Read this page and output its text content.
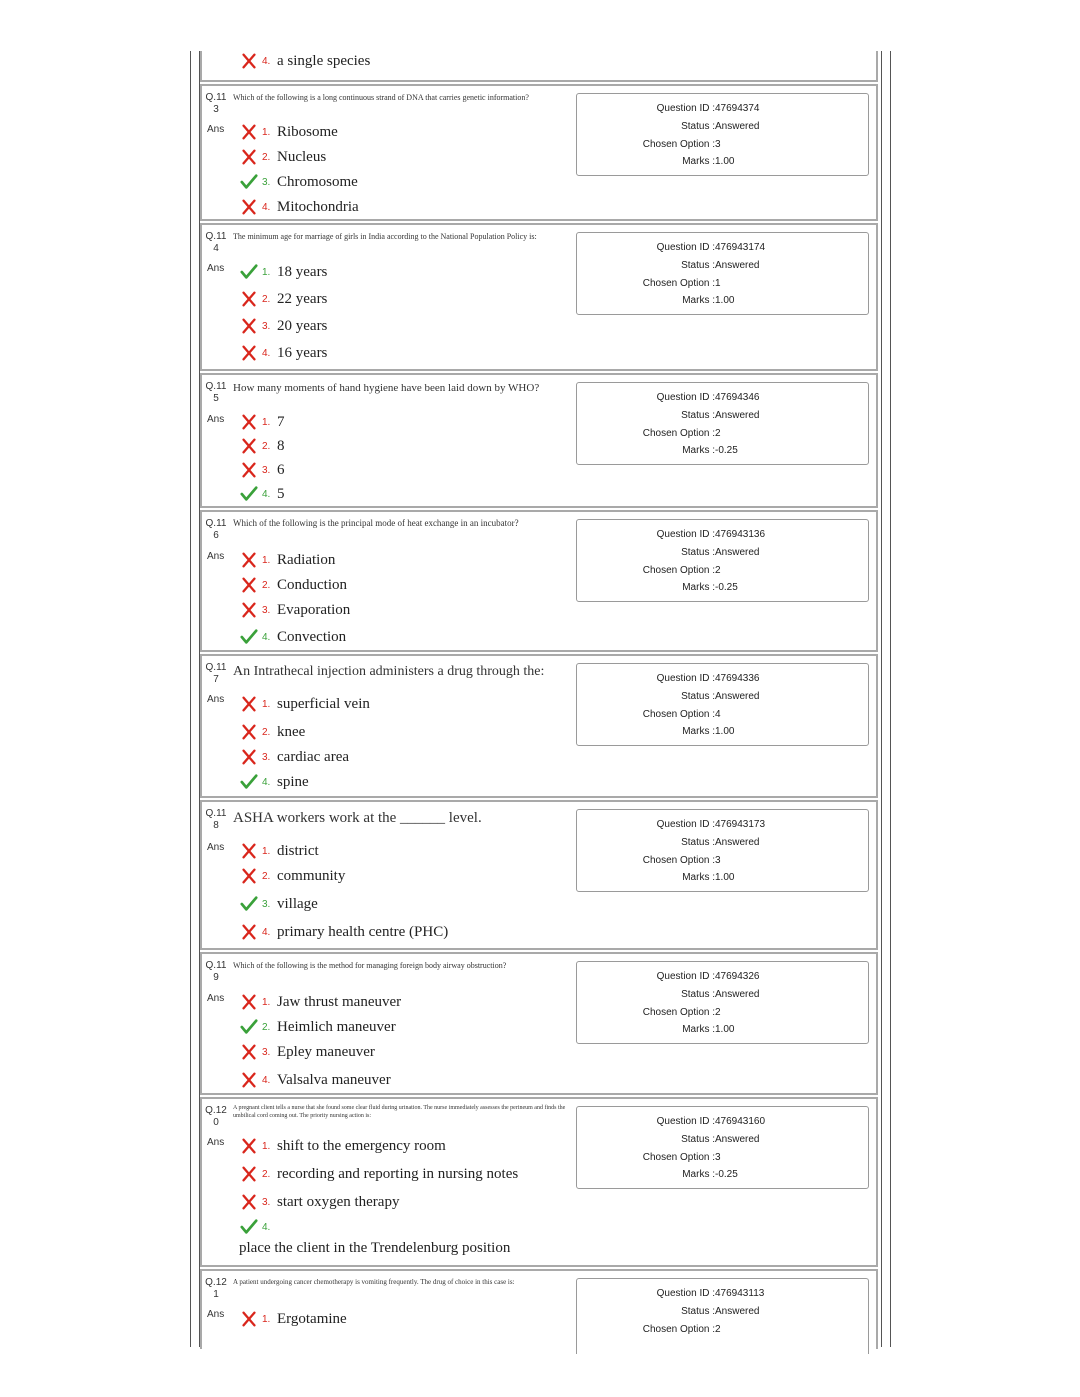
4. a single species
Q.11
3
Ans
Which of the following is a long continuous strand of DNA that carries genetic information?
1. Ribosome
2. Nucleus
3. Chromosome
4. Mitochondria
Question ID : 47694374
Status : Answered
Chosen Option : 3
Marks : 1.00
Q.11
4
Ans
The minimum age for marriage of girls in India according to the National Population Policy is:
1. 18 years
2. 22 years
3. 20 years
4. 16 years
Question ID : 476943174
Status : Answered
Chosen Option : 1
Marks : 1.00
Q.11
5
Ans
How many moments of hand hygiene have been laid down by WHO?
1. 7
2. 8
3. 6
4. 5
Question ID : 47694346
Status : Answered
Chosen Option : 2
Marks : -0.25
Q.11
6
Ans
Which of the following is the principal mode of heat exchange in an incubator?
1. Radiation
2. Conduction
3. Evaporation
4. Convection
Question ID : 476943136
Status : Answered
Chosen Option : 2
Marks : -0.25
Q.11
7
Ans
An Intrathecal injection administers a drug through the:
1. superficial vein
2. knee
3. cardiac area
4. spine
Question ID : 47694336
Status : Answered
Chosen Option : 4
Marks : 1.00
Q.11
8
Ans
ASHA workers work at the ______ level.
1. district
2. community
3. village
4. primary health centre (PHC)
Question ID : 476943173
Status : Answered
Chosen Option : 3
Marks : 1.00
Q.11
9
Ans
Which of the following is the method for managing foreign body airway obstruction?
1. Jaw thrust maneuver
2. Heimlich maneuver
3. Epley maneuver
4. Valsalva maneuver
Question ID : 47694326
Status : Answered
Chosen Option : 2
Marks : 1.00
Q.12
0
Ans
A pregnant client tells a nurse that she found some clear fluid during urination. The nurse immediately assesses the perineum and finds the umbilical cord coming out. The priority nursing action is:
1. shift to the emergency room
2. recording and reporting in nursing notes
3. start oxygen therapy
4.
place the client in the Trendelenburg position
Question ID : 476943160
Status : Answered
Chosen Option : 3
Marks : -0.25
Q.12
1
Ans
A patient undergoing cancer chemotherapy is vomiting frequently. The drug of choice in this case is:
1. Ergotamine
Question ID : 476943113
Status : Answered
Chosen Option : 2
